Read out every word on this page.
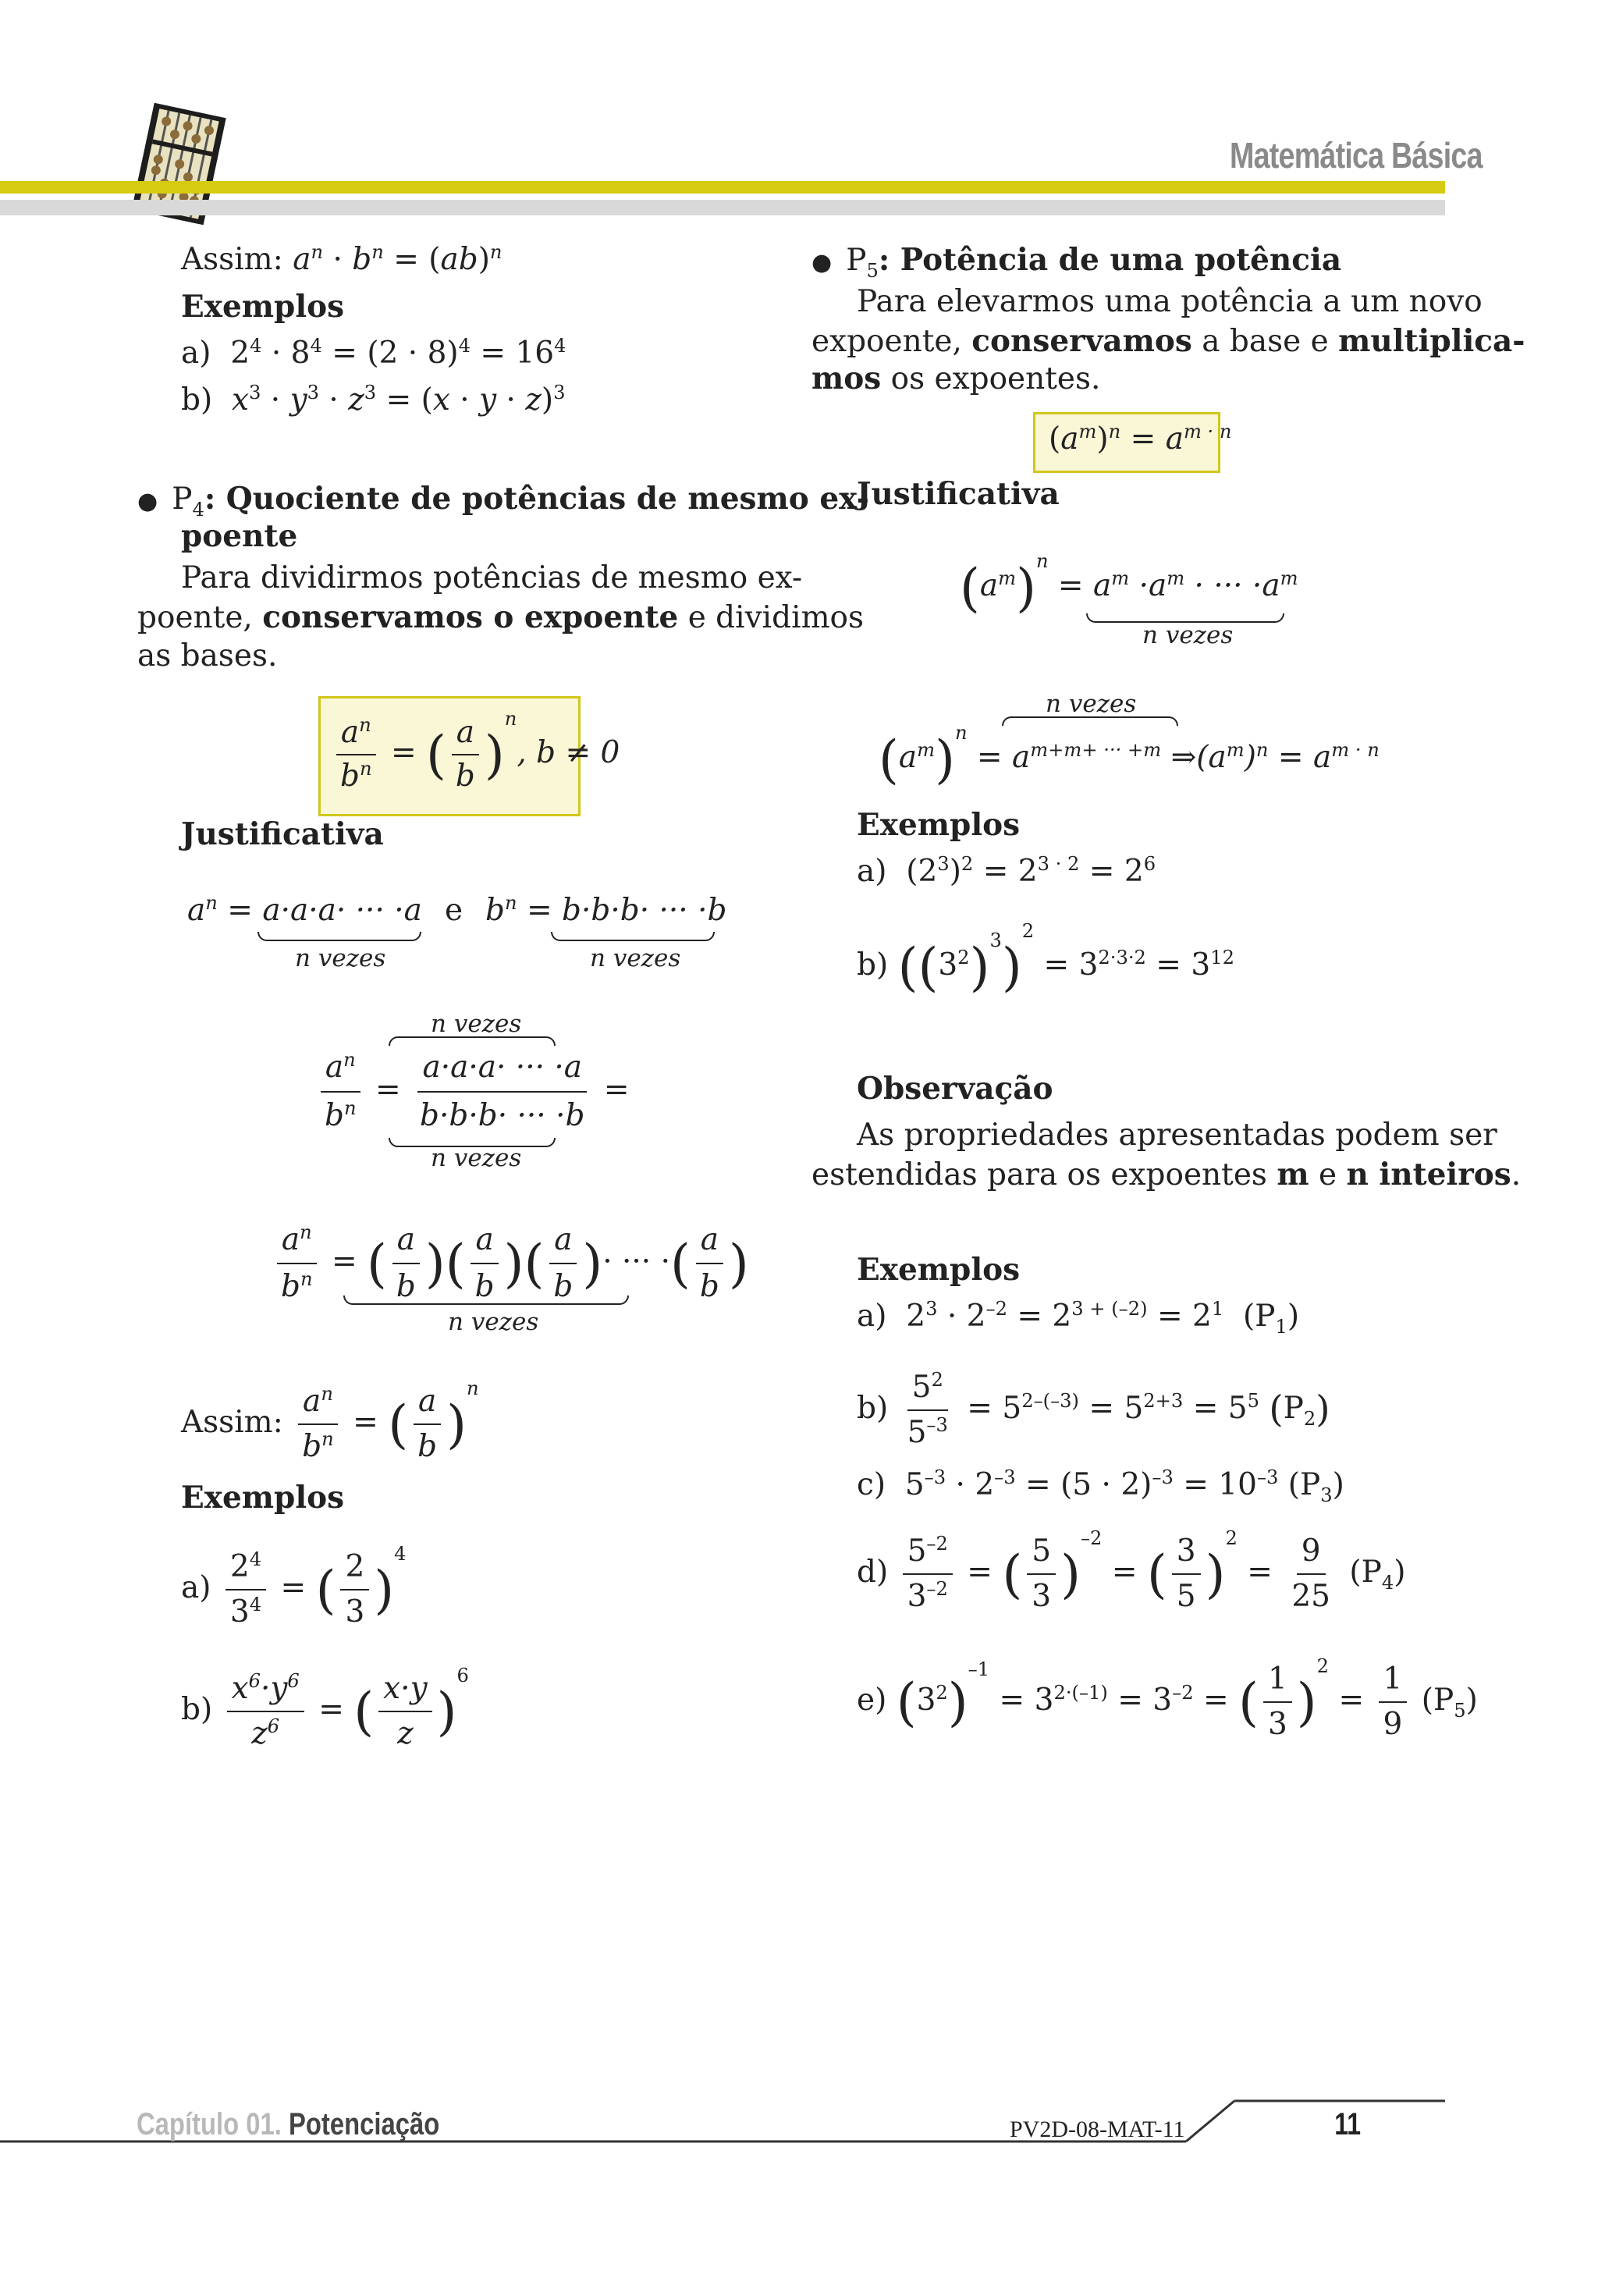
Matemática Básica
Assim: $a^n \cdot b^n = (ab)^n$
Exemplos
a)  $2^4 \cdot 8^4 = (2 \cdot 8)^4 = 16^4$
b) $x^3 \cdot y^3 \cdot z^3 = (x \cdot y \cdot z)^3$
● $P_4$: Quociente de potências de mesmo ex-
poente
Para dividirmos potências de mesmo ex-
poente, conservamos o expoente e dividimos
as bases.
$\frac{a^n}{b^n}$ = ( $\frac{a}{b} )^n$, b ≠ 0
Justificativa
$a^n = a\cdot a\cdot a\cdot$ ··· ·a
n vezes
e $b^n = b\cdot b\cdot b\cdot$ ··· ·b
n vezes
n vezes
$\frac{a^n}{b^n} = \frac{a\cdot a\cdot a\cdot \cdot\cdot\cdot \cdot a}{b\cdot b\cdot b\cdot \cdot\cdot\cdot \cdot b}$ =
n vezes
$\frac{a^n}{b^n}$ = ( $\frac{a}{b}$ )( $\frac{a}{b}$ )( $\frac{a}{b}$ )· ··· ·( $\frac{a}{b}$ )
n vezes
Assim: $\frac{a^n}{b^n}$ = ( $\frac{a}{b} )^n$
Exemplos
$a) \frac{2^4}{3^4}$ = ( $\frac{2}{3} )^4$
$b) \frac{x^6\cdot y^6}{z^6}$ = ( $\frac{x\cdot y}{z} )^6$
● $P_5$: Potência de uma potência
Para elevarmos uma potência a um novo
expoente, conservamos a base e multiplica-
mos os expoentes.
$(a^m)^n = a^{m \cdot n}$
Justificativa
$(a^m)^n = a^m \cdot a^m$ · ··· $\cdot a^m$
n vezes
n vezes
$(a^m)^n = a^{m+m+ \cdot\cdot\cdot +m}$ $\Rightarrow(a^m)^n = a^{m \cdot n}$
Exemplos
a)  $(2^3)^2 = 2^{3 \cdot 2} = 2^6$
b) $((3^2)^3)^2 = 3^{2\cdot 3\cdot 2} = 3^{12}$
Observação
As propriedades apresentadas podem ser
estendidas para os expoentes m e n inteiros.
Exemplos
a)  $2^3 \cdot 2^{-2} = 2^{3 + (-2)} = 2^1$  $(P_1)$
$b) \frac{5^2}{5^{-3}} = 5^{2-(-3)} = 5^{2+3} = 5^5$ $(P_2)$
c)  $5^{-3} \cdot 2^{-3} = (5 \cdot 2)^{-3} = 10^{-3}$ $(P_3)$
$d) \frac{5^{-2}}{3^{-2}}$ = ( $\frac{5}{3} )^{-2}$ = ( $\frac{3}{5} )^2 = \frac{9}{25} (P_4)$
e) $(3^2)^{-1} = 3^{2\cdot(-1)} = 3^{-2}$ = ( $\frac{1}{3} )^2 = \frac{1}{9} (P_5)$
Capítulo 01. Potenciação	PV2D-08-MAT-11	11
